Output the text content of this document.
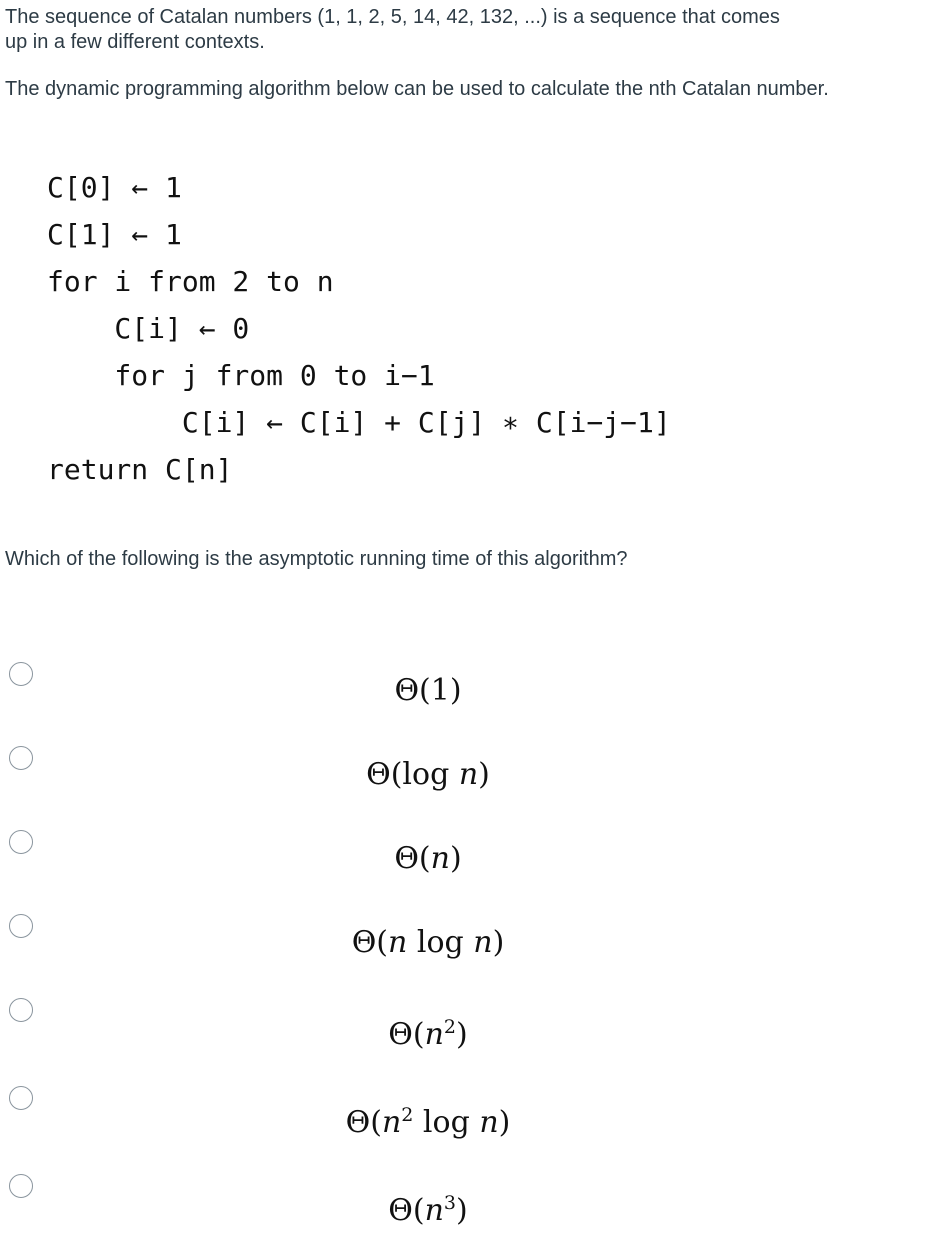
The sequence of Catalan numbers (1, 1, 2, 5, 14, 42, 132, ...) is a sequence that comes up in a few different contexts.

The dynamic programming algorithm below can be used to calculate the nth Catalan number.

C[0] ← 1
C[1] ← 1
for i from 2 to n
C[i] ← 0
for j from 0 to i−1
C[i] ← C[i] + C[j] ∗ C[i−j−1]
return C[n]

Which of the following is the asymptotic running time of this algorithm?

Θ(1)
Θ(log n)
Θ(n)
Θ(n log n)
$\Theta(n^2)$
$\Theta(n^2$ log n)
$\Theta(n^3)$
